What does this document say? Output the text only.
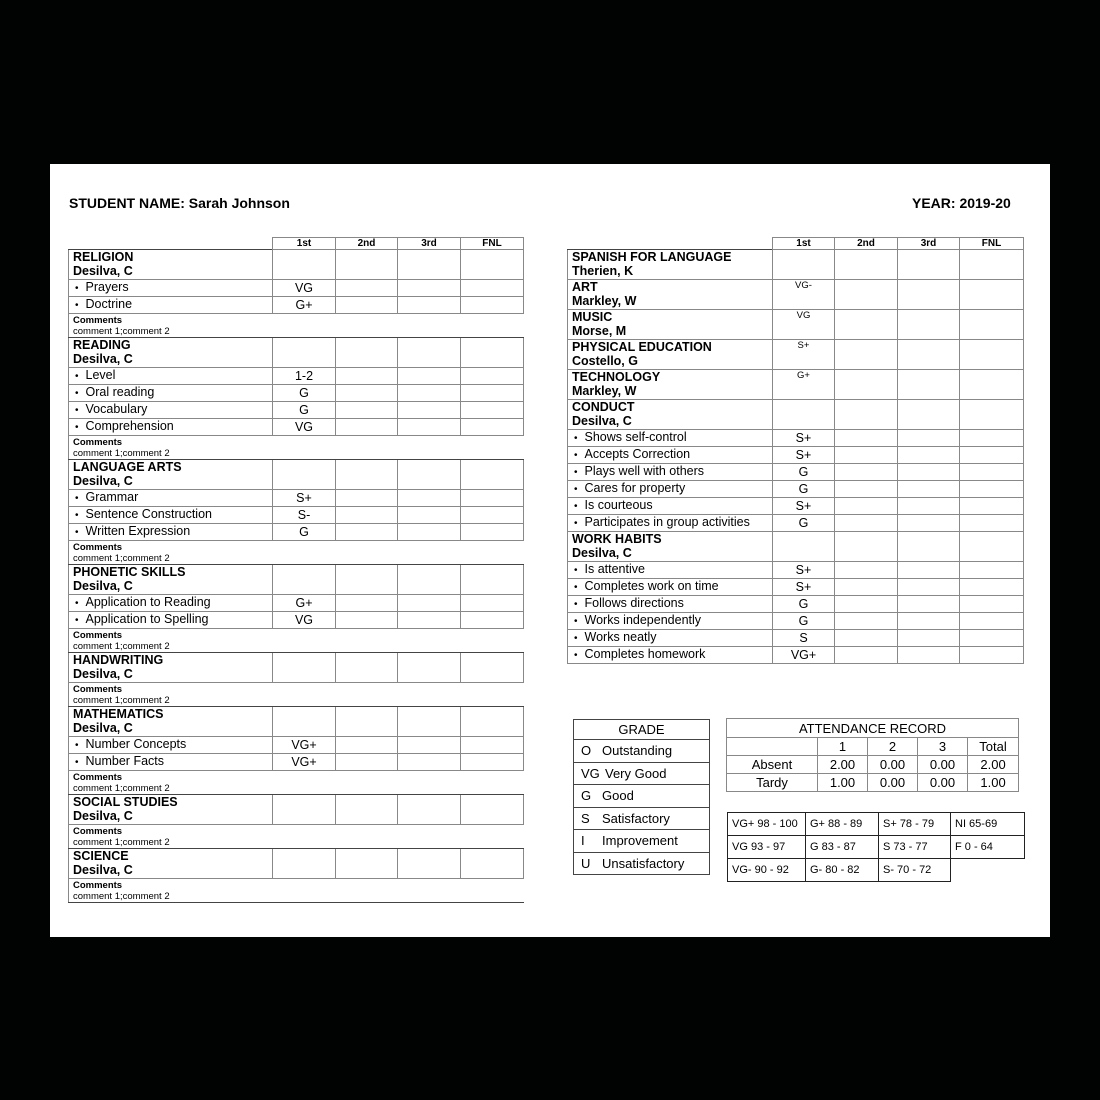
STUDENT NAME: Sarah Johnson	YEAR: 2019-20
	1st	2nd	3rd	FNL

RELIGION
Desilva, C				

• Prayers	VG			
• Doctrine	G+			

Comments
comment 1;comment 2				

READING
Desilva, C				

• Level	1-2			
• Oral reading	G			
• Vocabulary	G			
• Comprehension	VG			

Comments
comment 1;comment 2				

LANGUAGE ARTS
Desilva, C				

• Grammar	S+			
• Sentence Construction	S-			
• Written Expression	G			

Comments
comment 1;comment 2				

PHONETIC SKILLS
Desilva, C				

• Application to Reading	G+			
• Application to Spelling	VG			

Comments
comment 1;comment 2				

HANDWRITING
Desilva, C				

Comments
comment 1;comment 2				

MATHEMATICS
Desilva, C				

• Number Concepts	VG+			
• Number Facts	VG+			

Comments
comment 1;comment 2				

SOCIAL STUDIES
Desilva, C				

Comments
comment 1;comment 2				

SCIENCE
Desilva, C				

Comments
comment 1;comment 2				
	1st	2nd	3rd	FNL

SPANISH FOR LANGUAGE
Therien, K				

ART
Markley, W	VG-			

MUSIC
Morse, M	VG			

PHYSICAL EDUCATION
Costello, G	S+			

TECHNOLOGY
Markley, W	G+			

CONDUCT
Desilva, C				

• Shows self-control	S+			
• Accepts Correction	S+			
• Plays well with others	G			
• Cares for property	G			
• Is courteous	S+			
• Participates in group activities	G			

WORK HABITS
Desilva, C				

• Is attentive	S+			
• Completes work on time	S+			
• Follows directions	G			
• Works independently	G			
• Works neatly	S			
• Completes homework	VG+			
GRADE
O Outstanding
VG Very Good
G Good
S Satisfactory
I Improvement
U Unsatisfactory
ATTENDANCE RECORD				
	1	2	3	Total
Absent	2.00	0.00	0.00	2.00
Tardy	1.00	0.00	0.00	1.00
VG+ 98 - 100	G+ 88 - 89	S+ 78 - 79	NI 65-69
VG 93 - 97	G 83 - 87	S 73 - 77	F 0 - 64
VG- 90 - 92	G- 80 - 82	S- 70 - 72	
